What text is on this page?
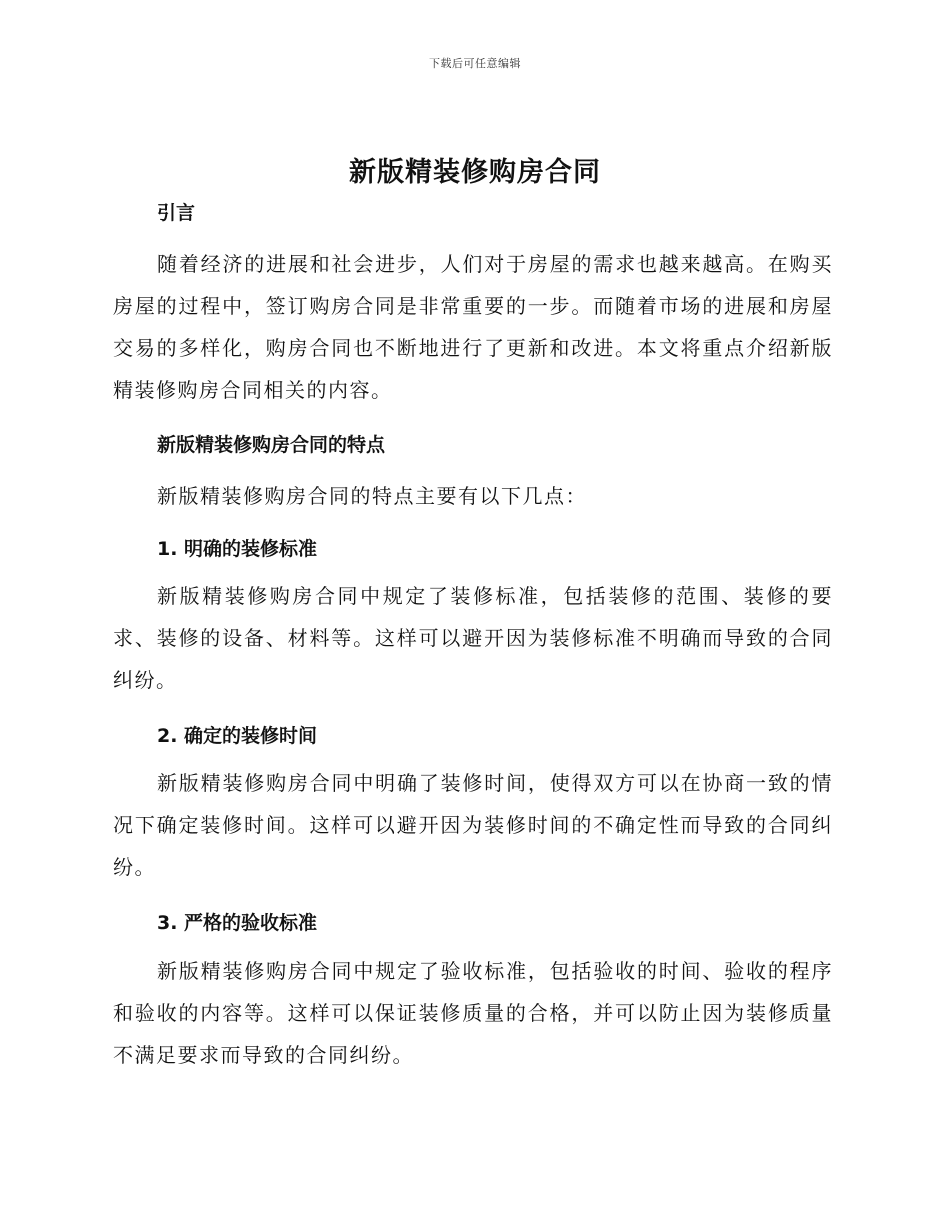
下载后可任意编辑
新版精装修购房合同
引言
随着经济的进展和社会进步，人们对于房屋的需求也越来越高。在购买房屋的过程中，签订购房合同是非常重要的一步。而随着市场的进展和房屋交易的多样化，购房合同也不断地进行了更新和改进。本文将重点介绍新版精装修购房合同相关的内容。
新版精装修购房合同的特点
新版精装修购房合同的特点主要有以下几点：
1. 明确的装修标准
新版精装修购房合同中规定了装修标准，包括装修的范围、装修的要求、装修的设备、材料等。这样可以避开因为装修标准不明确而导致的合同纠纷。
2. 确定的装修时间
新版精装修购房合同中明确了装修时间，使得双方可以在协商一致的情况下确定装修时间。这样可以避开因为装修时间的不确定性而导致的合同纠纷。
3. 严格的验收标准
新版精装修购房合同中规定了验收标准，包括验收的时间、验收的程序和验收的内容等。这样可以保证装修质量的合格，并可以防止因为装修质量不满足要求而导致的合同纠纷。
